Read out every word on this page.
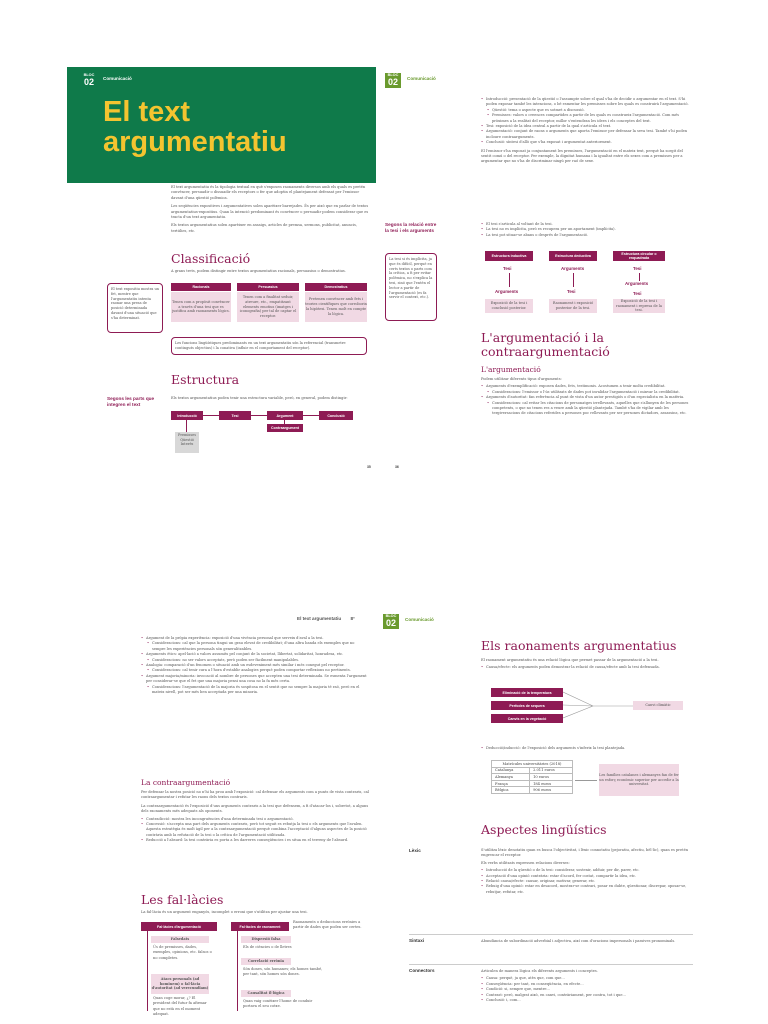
BLOC
02	Comunicació
El text
argumentatiu

El text argumentatiu és la tipologia textual en què s'exposen raonaments diversos amb els quals es pretén convèncer, persuadir o dissuadir els receptors o fer que adoptin el plantejament defensat per l'emissor davant d'una qüestió polèmica.

Les seqüències expositives i argumentatives solen aparèixer barrejades. És per això que en parlar de textos argumentatius-expositius. Quan la intenció predominant és convèncer o persuadir podem considerar que es tracta d'un text argumentatiu.

Els textos argumentatius solen aparèixer en assaigs, articles de premsa, sermons, publicitat, anuncis, tertúlies, etc.

Classificació
A grans trets, podem distingir entre textos argumentatius racionals, persuasius o demostratius.
El text expositiu mostra un fet, mentre que l'argumentatiu intenta raonar una presa de posició determinada davant d'una situació que s'ha determinat.
Racionals	Persuasius	Demostratius
Tenen com a propòsit convèncer a través d'una tesi que es justifica amb raonaments lògics.
Tenen com a finalitat seduir, atreure, etc., empatitzant elements emotius (imatges i iconografia) per tal de captar el receptor.
Pretenen convèncer amb fets i teories científiques que corroborin la hipòtesi. Tenen molt en compte la lògica.
Les funcions lingüístiques predominants en un text argumentatiu són la referencial (transmetre continguts objectius) i la conativa (influir en el comportament del receptor).
Estructura
Segons les parts que integren el text
Els textos argumentatius poden tenir una estructura variable, però, en general, podem distingir:
Introducció	Tesi	Argument	Conclusió
Contraargument
Premisses Qüestió Interès
35
BLOC
02	Comunicació
• Introducció: presentació de la qüestió o l'assumpte sobre el qual s'ha de decidir o argumentar en el text. S'hi poden exposar també les intencions, o bé esmentar les premisses sobre les quals es construirà l'argumentació.
• Qüestió: tema o aspecte que es sotmet a discussió.
• Premisses: valors o creences compartides a partir de les quals es construeix l'argumentació. Com més pròximes a la realitat del receptor, millor s'entendran les idees i els conceptes del text.
• Tesi: exposició de la idea central a partir de la qual s'articula el text.
• Argumentació: conjunt de raons o arguments que aporta l'emissor per defensar la seva tesi. També s'hi poden incloure contraarguments.
• Conclusió: síntesi d'allò que s'ha exposat i argumentat anteriorment.

El l'emissor s'ha exposat ja conjuntament les premisses, l'argumentació en el mateix text, perquè ha sorgit del sentit comú o del receptor. Per exemple, la dignitat humana i la igualtat entre els sexes com a premisses per a argumentar que no s'ha de discriminar ningú per raó de sexe.

Segons la relació entre la tesi i els arguments
• El tesi s'articula al voltant de la tesi.
• La tesi no es implícita, però es recupera per un aportament (implícita).
• La tesi pot situar-se abans o després de l'argumentació.
La tesi si és implícita, ja que és difícil, perquè en certs textos o parts com la crítica, a fi per evitar polèmica, no s'explica la tesi, sinó que l'entén el lector a partir de l'argumentació (es fa servir el context, etc.).
Estructura inductiva	Estructura deductiva	Estructura circular o enquadrada
Tesi	Arguments	Tesi
Arguments	Tesi
Arguments
Tesi
Exposició de la tesi i conclusió posterior.
Raonament i exposició posterior de la tesi.
Exposició de la tesi i raonament i represa de la tesi.
L'argumentació i la contraargumentació
L'argumentació

Podem utilitzar diferents tipus d'arguments:

• Arguments d'exemplificació: exposen dades, fets, testimonis. Acostumen a tenir molta credibilitat.
• Consideracions: l'emissor o l'ús utilitzats de dades pot invalidar l'argumentació i minvar la credibilitat.
• Arguments d'autoritat: fan referència al punt de vista d'un autor prestigiós o d'un especialista en la matèria.
• Consideracions: cal evitar les citacions de personatges irrellevants, aquelles que s'allunyen de les persones competents, o que no tenen res a veure amb la qüestió plantejada. També s'ha de vigilar amb les tergiversacions de citacions referides a persones poc rellevants per ser persones dictadors, assassins, etc.
36
El text argumentatiu 8°
• Argument de la pròpia experiència: exposició d'una vivència personal que serveix d'aval a la tesi.
• Consideracions: cal que la persona tingui un grau elevat de credibilitat; d'una altra banda els exemples que no sempre les experiències personals són generalitzables.
• Arguments ètics: apel·lació a valors assumits pel conjunt de la societat, llibertat, solidaritat, honradesa, etc.
• Consideracions: no ser valors acceptats, però poden ser fàcilment manipulables.
• Analogia: comparació d'un fenomen o situació amb un esdeveniment més similar i més conegut pel receptor.
• Consideracions: cal tenir cura a l'hora d'establir analogies perquè poden comportar reflexions no pertinents.
• Argument majoria/minoria: invocació al nombre de persones que accepten una tesi determinada. Se esmenta l'argument per considerar-se que el fet que una majoria pensi una cosa no la fa més certa.
• Consideracions: l'argumentació de la majoria és sospitosa en el sentit que no sempre la majoria té raó, però en el mateix nivell, pot ser més ben acceptada per una minoria.
La contraargumentació

Per defensar la nostra posició no n'hi ha prou amb l'exposició: cal defensar els arguments com a punts de vista contraris, cal contraargumentar i refutar les raons dels textos contraris.

La contraargumentació és l'exposició d'uns arguments contraris a la tesi que defensem, a fi d'atacar-los i, sobretot, a alguns dels raonaments més adequats als oponents.

• Contradicció: mostra les incongruències d'una determinada tesi o argumentació.
• Concessió: s'accepta una part dels arguments contraris, però tot seguit es rebutja la tesi o els arguments que l'avalen. Aquesta estratègia és molt àgil per a la contraargumentació perquè combina l'acceptació d'alguns aspectes de la posició contrària amb la refutació de la tesi o la crítica de l'argumentació utilitzada.
• Reducció a l'absurd: la tesi contrària es porta a les darreres conseqüències i es situa en el terreny de l'absurd.
Les fal·làcies
La fal·làcia és un argument enganyós, incomplet o erroni que s'utilitza per ajustar una tesi.
Fal·làcies d'argumentació	Fal·làcies de raonament
Raonaments o deduccions errònies a partir de dades que poden ser certes.
Falsedats
Ús de premisses, dades, exemples, opinions, etc. falsos o no completes.
Atacs personals (ad hominem) o fal·làcia d'autoritat (ad verecundiam)
Quan coge morar, ¿? El president del futur fa afirmar que no està en el moment adequat.
Dispersió falsa
Els de ciències o de lletres
Correlació errònia
Són dones, són humanes; els homes també, per tant, són homes són dones.
Causalitat il·lògica
Quan vaig conèixer l'home de conduir portava el seu cotxe.
BLOC
02	Comunicació
Els raonaments argumentatius

El raonament argumentatiu és una relació lògica que permet passar de la argumentació a la tesi.

• Causa/efecte: els arguments poden demostrar la relació de causa/efecte amb la tesi defensada.
Eliminació de la temperatura
Perfodes de sequera
Canvis en la vegetació
Canvi climàtic
• Deducció/inducció: de l'exposició dels arguments s'inferix la tesi plantejada.
Matrícules universitàries (2018)	
Catalunya	2.011 euros
Alemanya	10 euros
França	184 euros
Bèlgica	906 euros
Les famílies catalanes i alemanyes fan de fer un esforç econòmic superior per accedir a la universitat.
Aspectes lingüístics
Lèxic	S'utilitza lèxic denotatiu quan es busca l'objectivitat, i lèxic connotatiu (pejoratiu, afectiu, bèl·lic), quan es pretén engrescar el receptor.

Els verbs utilitzats expressen relacions diverses:

• Introducció de la qüestió o de la tesi: considerar, sostenir, adduir, per dir, parer, etc.
• Acceptació d'una opinió contrària: estar d'acord, fer costat, compartir la idea, etc.
• Relació causa/efecte: causar, originar, motivar, generar, etc.
• Rebuig d'una opinió: estar en desacord, mostrar-se contrari, posar en dubte, qüestionar, discrepar, oposar-se, rebutjar, refutar, etc.
Sintaxi	Abundància de subordinació adverbial i adjectiva, així com d'oracions impersonals i passives pronominals.
Connectors	Articulen de manera lògica els diferents arguments i conceptes.

• Causa: perquè, ja que, atès que, com que...
• Conseqüència: per tant, en conseqüència, en efecte...
• Condició: si, sempre que, mentre...
• Contrast: però, malgrat això, en canvi, contràriament, per contra, tot i que...
• Conclusió: i, com...
